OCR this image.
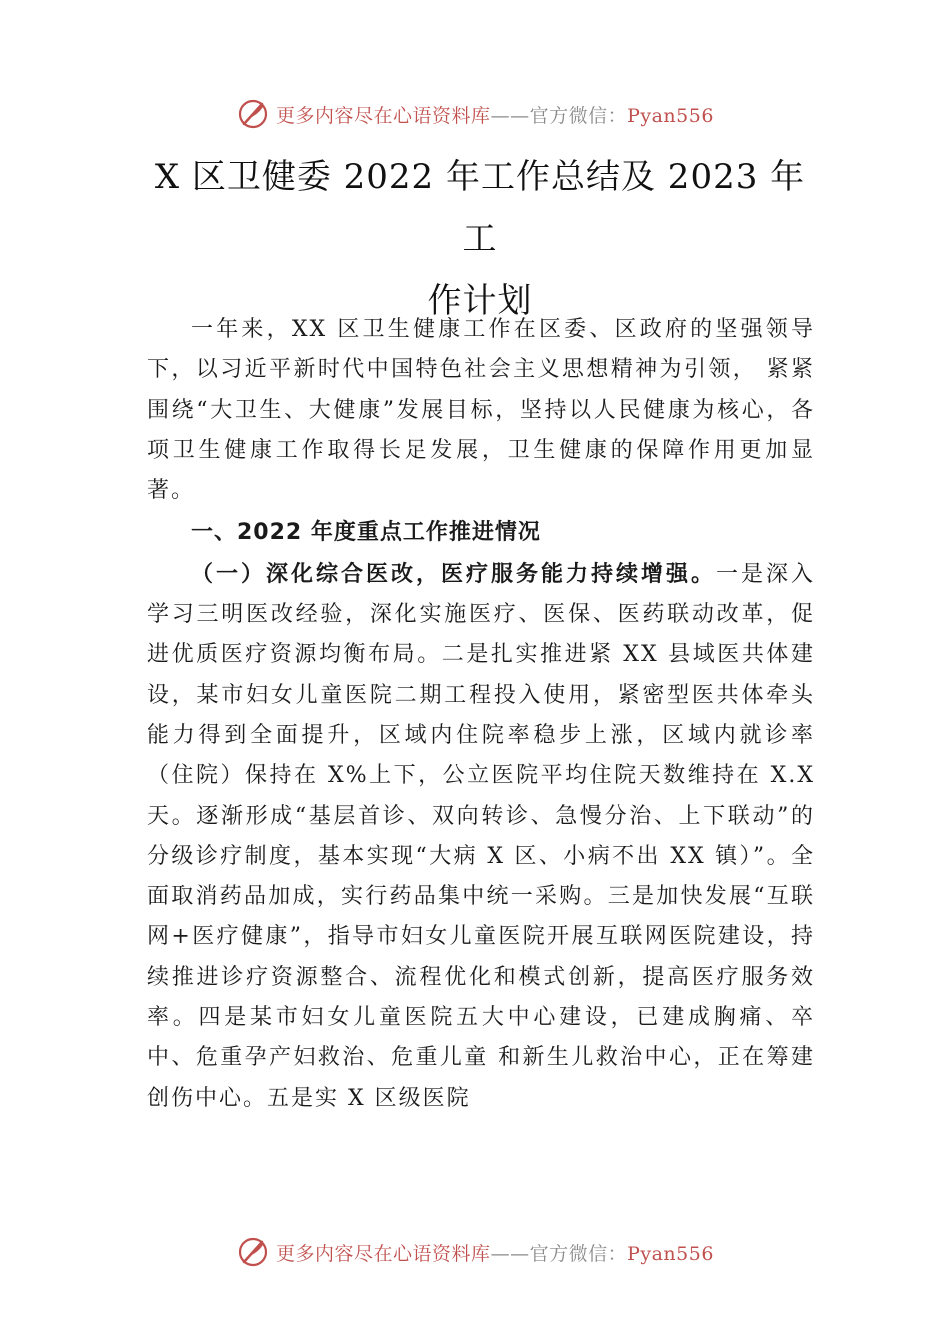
更多内容尽在心语资料库——官方微信：Pyan556
X 区卫健委 2022 年工作总结及 2023 年工
作计划

一年来，XX 区卫生健康工作在区委、区政府的坚强领导下，以习近平新时代中国特色社会主义思想精神为引领， 紧紧围绕“大卫生、大健康”发展目标，坚持以人民健康为核心，各项卫生健康工作取得长足发展，卫生健康的保障作用更加显著。

一、2022 年度重点工作推进情况

（一）深化综合医改，医疗服务能力持续增强。一是深入学习三明医改经验，深化实施医疗、医保、医药联动改革，促进优质医疗资源均衡布局。二是扎实推进紧 XX 县域医共体建设，某市妇女儿童医院二期工程投入使用，紧密型医共体牵头能力得到全面提升，区域内住院率稳步上涨，区域内就诊率（住院）保持在 X%上下，公立医院平均住院天数维持在 X.X 天。逐渐形成“基层首诊、双向转诊、急慢分治、上下联动”的分级诊疗制度，基本实现“大病 X 区、小病不出 XX 镇）”。全面取消药品加成，实行药品集中统一采购。三是加快发展“互联网+医疗健康”，指导市妇女儿童医院开展互联网医院建设，持续推进诊疗资源整合、流程优化和模式创新，提高医疗服务效率。四是某市妇女儿童医院五大中心建设，已建成胸痛、卒中、危重孕产妇救治、危重儿童 和新生儿救治中心，正在筹建创伤中心。五是实 X 区级医院

更多内容尽在心语资料库——官方微信：Pyan556
